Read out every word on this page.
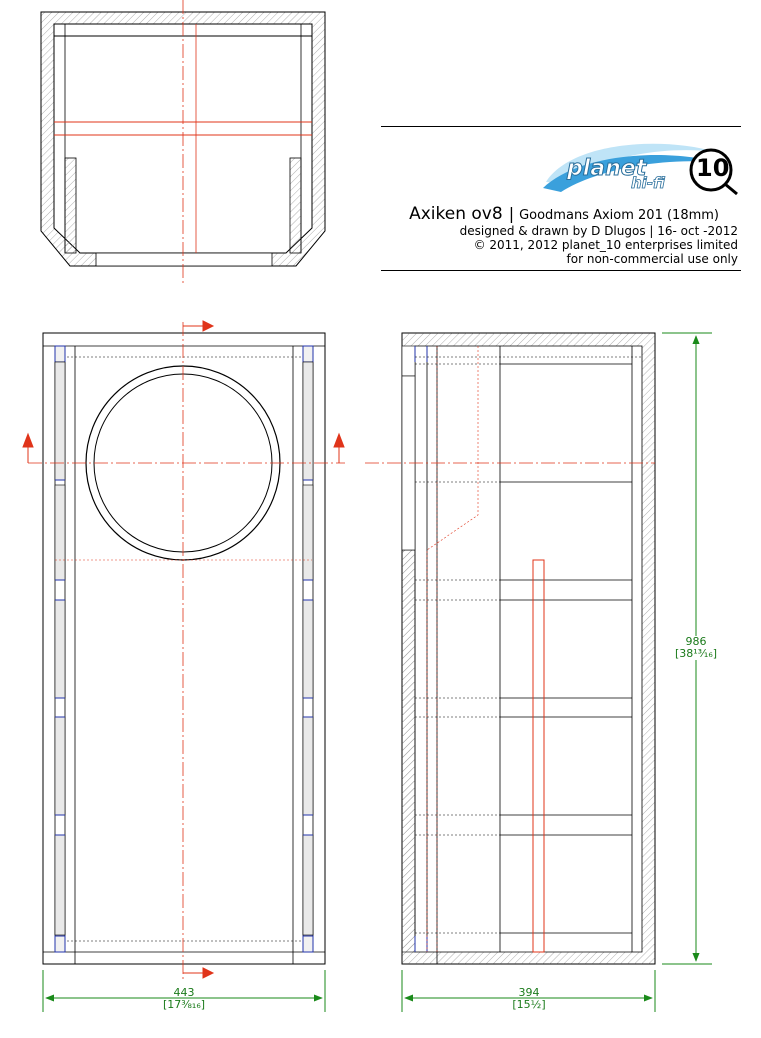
planet
hi-fi
10
Axiken ov8 | Goodmans Axiom 201 (18mm)
designed & drawn by D Dlugos | 16- oct -2012
© 2011, 2012 planet_10 enterprises limited
for non-commercial use only
443
[17⅜₁₆]
394
[15½]
986
[38¹³⁄₁₆]
